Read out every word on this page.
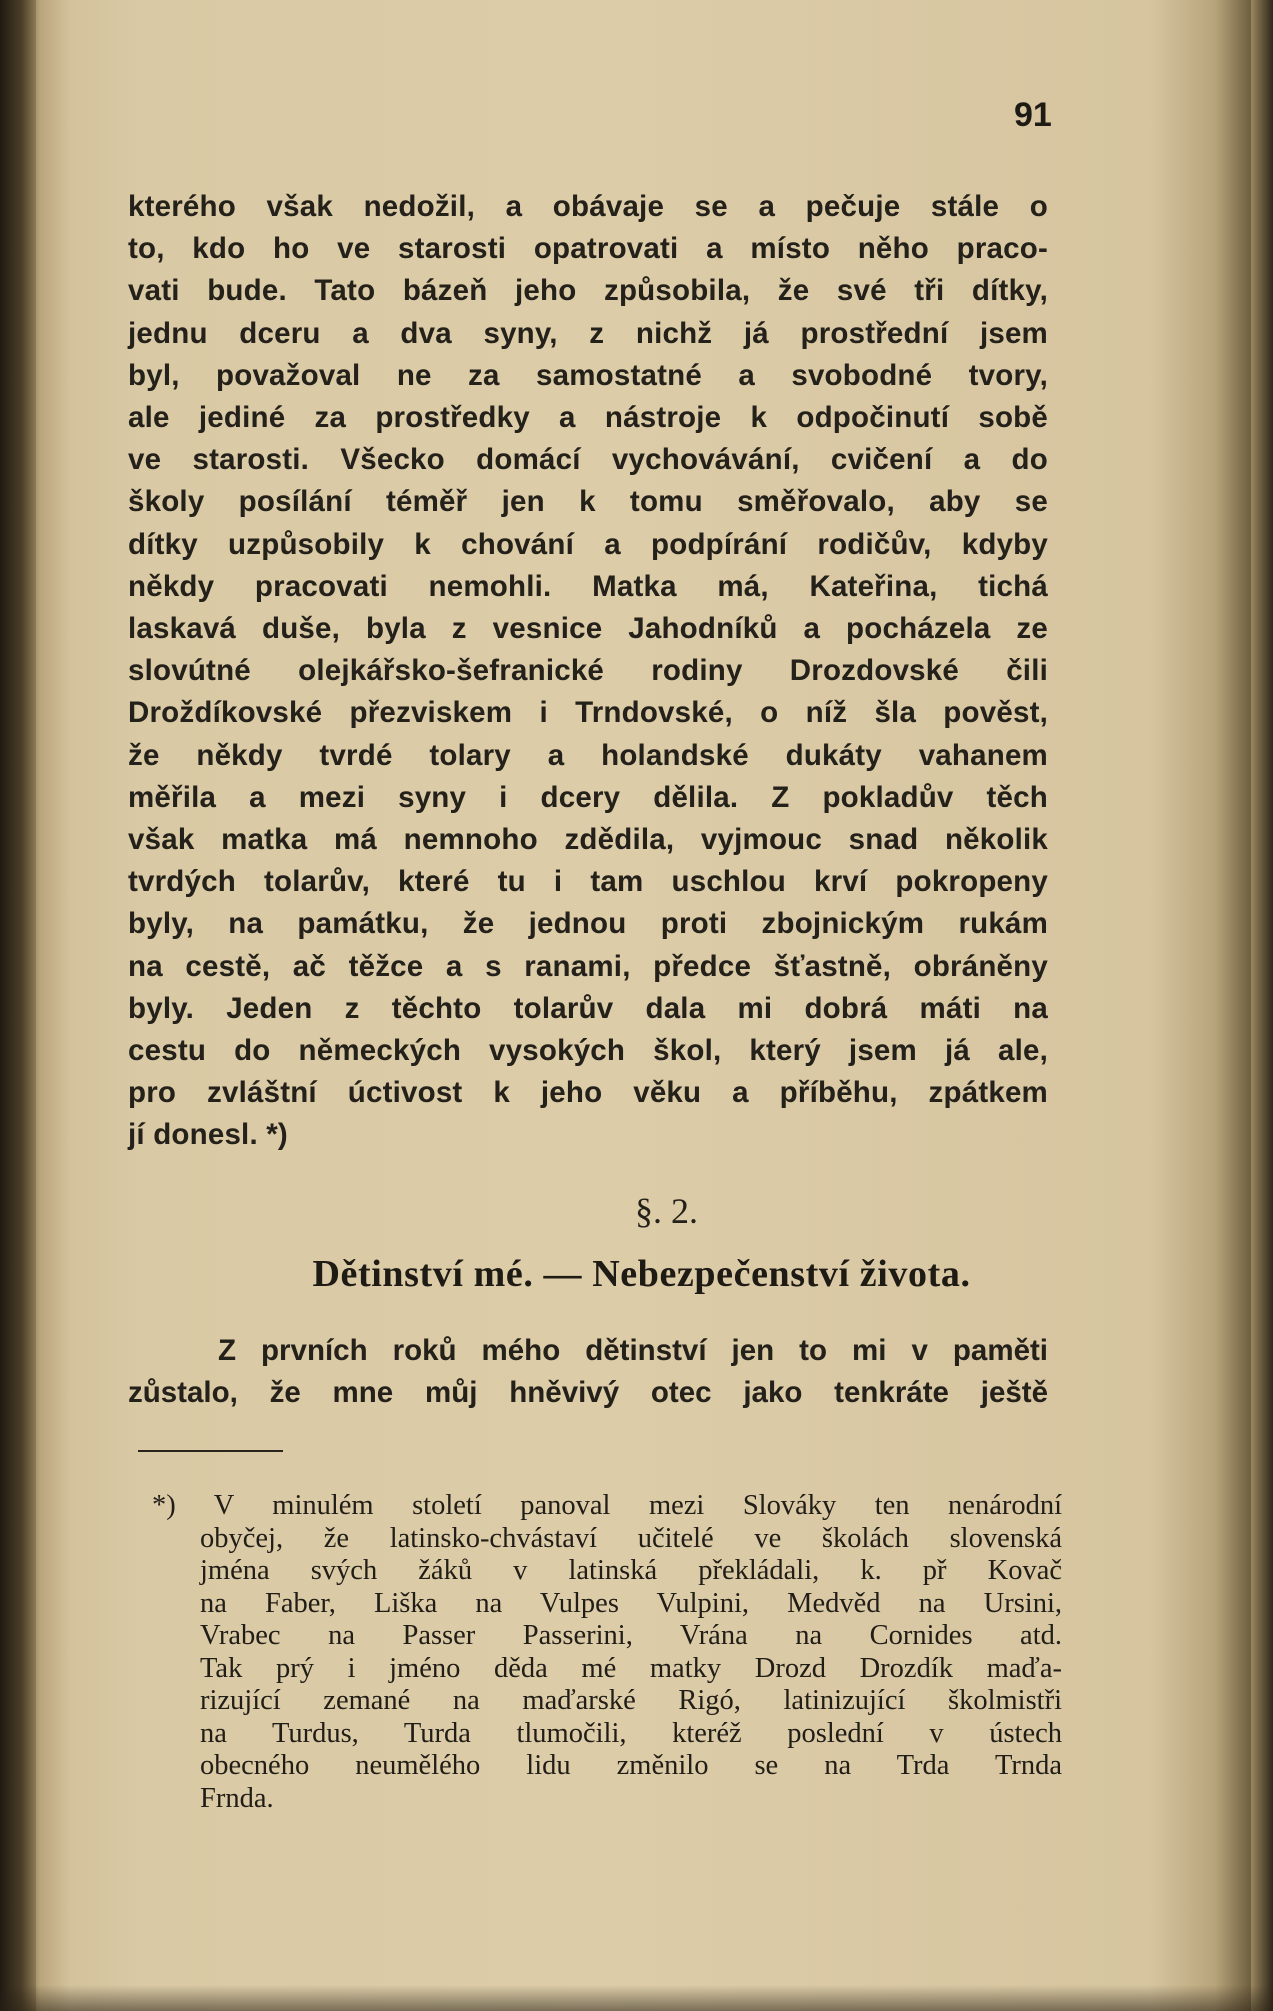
91
kterého však nedožil, a obávaje se a pečuje stále o
to, kdo ho ve starosti opatrovati a místo něho praco-
vati bude. Tato bázeň jeho způsobila, že své tři dítky,
jednu dceru a dva syny, z nichž já prostřední jsem
byl, považoval ne za samostatné a svobodné tvory,
ale jediné za prostředky a nástroje k odpočinutí sobě
ve starosti. Všecko domácí vychovávání, cvičení a do
školy posílání téměř jen k tomu směřovalo, aby se
dítky uzpůsobily k chování a podpírání rodičův, kdyby
někdy pracovati nemohli. Matka má, Kateřina, tichá
laskavá duše, byla z vesnice Jahodníků a pocházela ze
slovútné olejkářsko-šefranické rodiny Drozdovské čili
Droždíkovské přezviskem i Trndovské, o níž šla pověst,
že někdy tvrdé tolary a holandské dukáty vahanem
měřila a mezi syny i dcery dělila. Z pokladův těch
však matka má nemnoho zdědila, vyjmouc snad několik
tvrdých tolarův, které tu i tam uschlou krví pokropeny
byly, na památku, že jednou proti zbojnickým rukám
na cestě, ač těžce a s ranami, předce šťastně, obráněny
byly. Jeden z těchto tolarův dala mi dobrá máti na
cestu do německých vysokých škol, který jsem já ale,
pro zvláštní úctivost k jeho věku a příběhu, zpátkem
jí donesl. *)
§. 2.
Dětinství mé. — Nebezpečenství života.
Z prvních roků mého dětinství jen to mi v paměti
zůstalo, že mne můj hněvivý otec jako tenkráte ještě
*) V minulém století panoval mezi Slováky ten nenárodní
obyčej, že latinsko-chvástaví učitelé ve školách slovenská
jména svých žáků v latinská překládali, k. př Kovač
na Faber, Liška na Vulpes Vulpini, Medvěd na Ursini,
Vrabec na Passer Passerini, Vrána na Cornides atd.
Tak prý i jméno děda mé matky Drozd Drozdík maďa-
rizující zemané na maďarské Rigó, latinizující školmistři
na Turdus, Turda tlumočili, kteréž poslední v ústech
obecného neumělého lidu změnilo se na Trda Trnda
Frnda.
